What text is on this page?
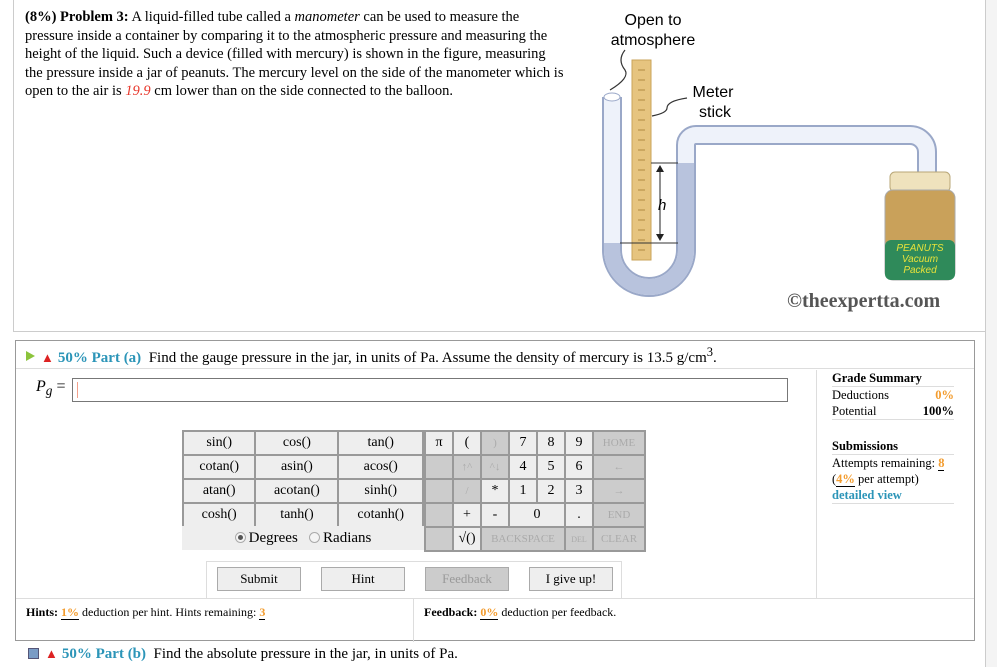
(8%) Problem 3: A liquid-filled tube called a manometer can be used to measure the pressure inside a container by comparing it to the atmospheric pressure and measuring the height of the liquid. Such a device (filled with mercury) is shown in the figure, measuring the pressure inside a jar of peanuts. The mercury level on the side of the manometer which is open to the air is 19.9 cm lower than on the side connected to the balloon.
Open to
atmosphere
Meter
stick
h
PEANUTS
Vacuum
Packed
©theexpertta.com
▲ 50% Part (a) Find the gauge pressure in the jar, in units of Pa. Assume the density of mercury is 13.5 $g/cm^3$.
$P_g$ =
sin()	cos()	tan()
cotan()	asin()	acos()
atan()	acotan()	sinh()
cosh()	tanh()	cotanh()
Degrees Radians
π	(	)	7	8	9	HOME
	↑^	^↓	4	5	6	←
	/	*	1	2	3	→
	+	-	0		.	END
	√()	BACKSPACE			DEL	CLEAR
Submit	Hint	Feedback	I give up!
Grade Summary
Deductions	0%
Potential	100%
Submissions
Attempts remaining: 8
(4% per attempt)
detailed view
Hints: 1% deduction per hint. Hints remaining: 3	Feedback: 0% deduction per feedback.
▲ 50% Part (b) Find the absolute pressure in the jar, in units of Pa.
